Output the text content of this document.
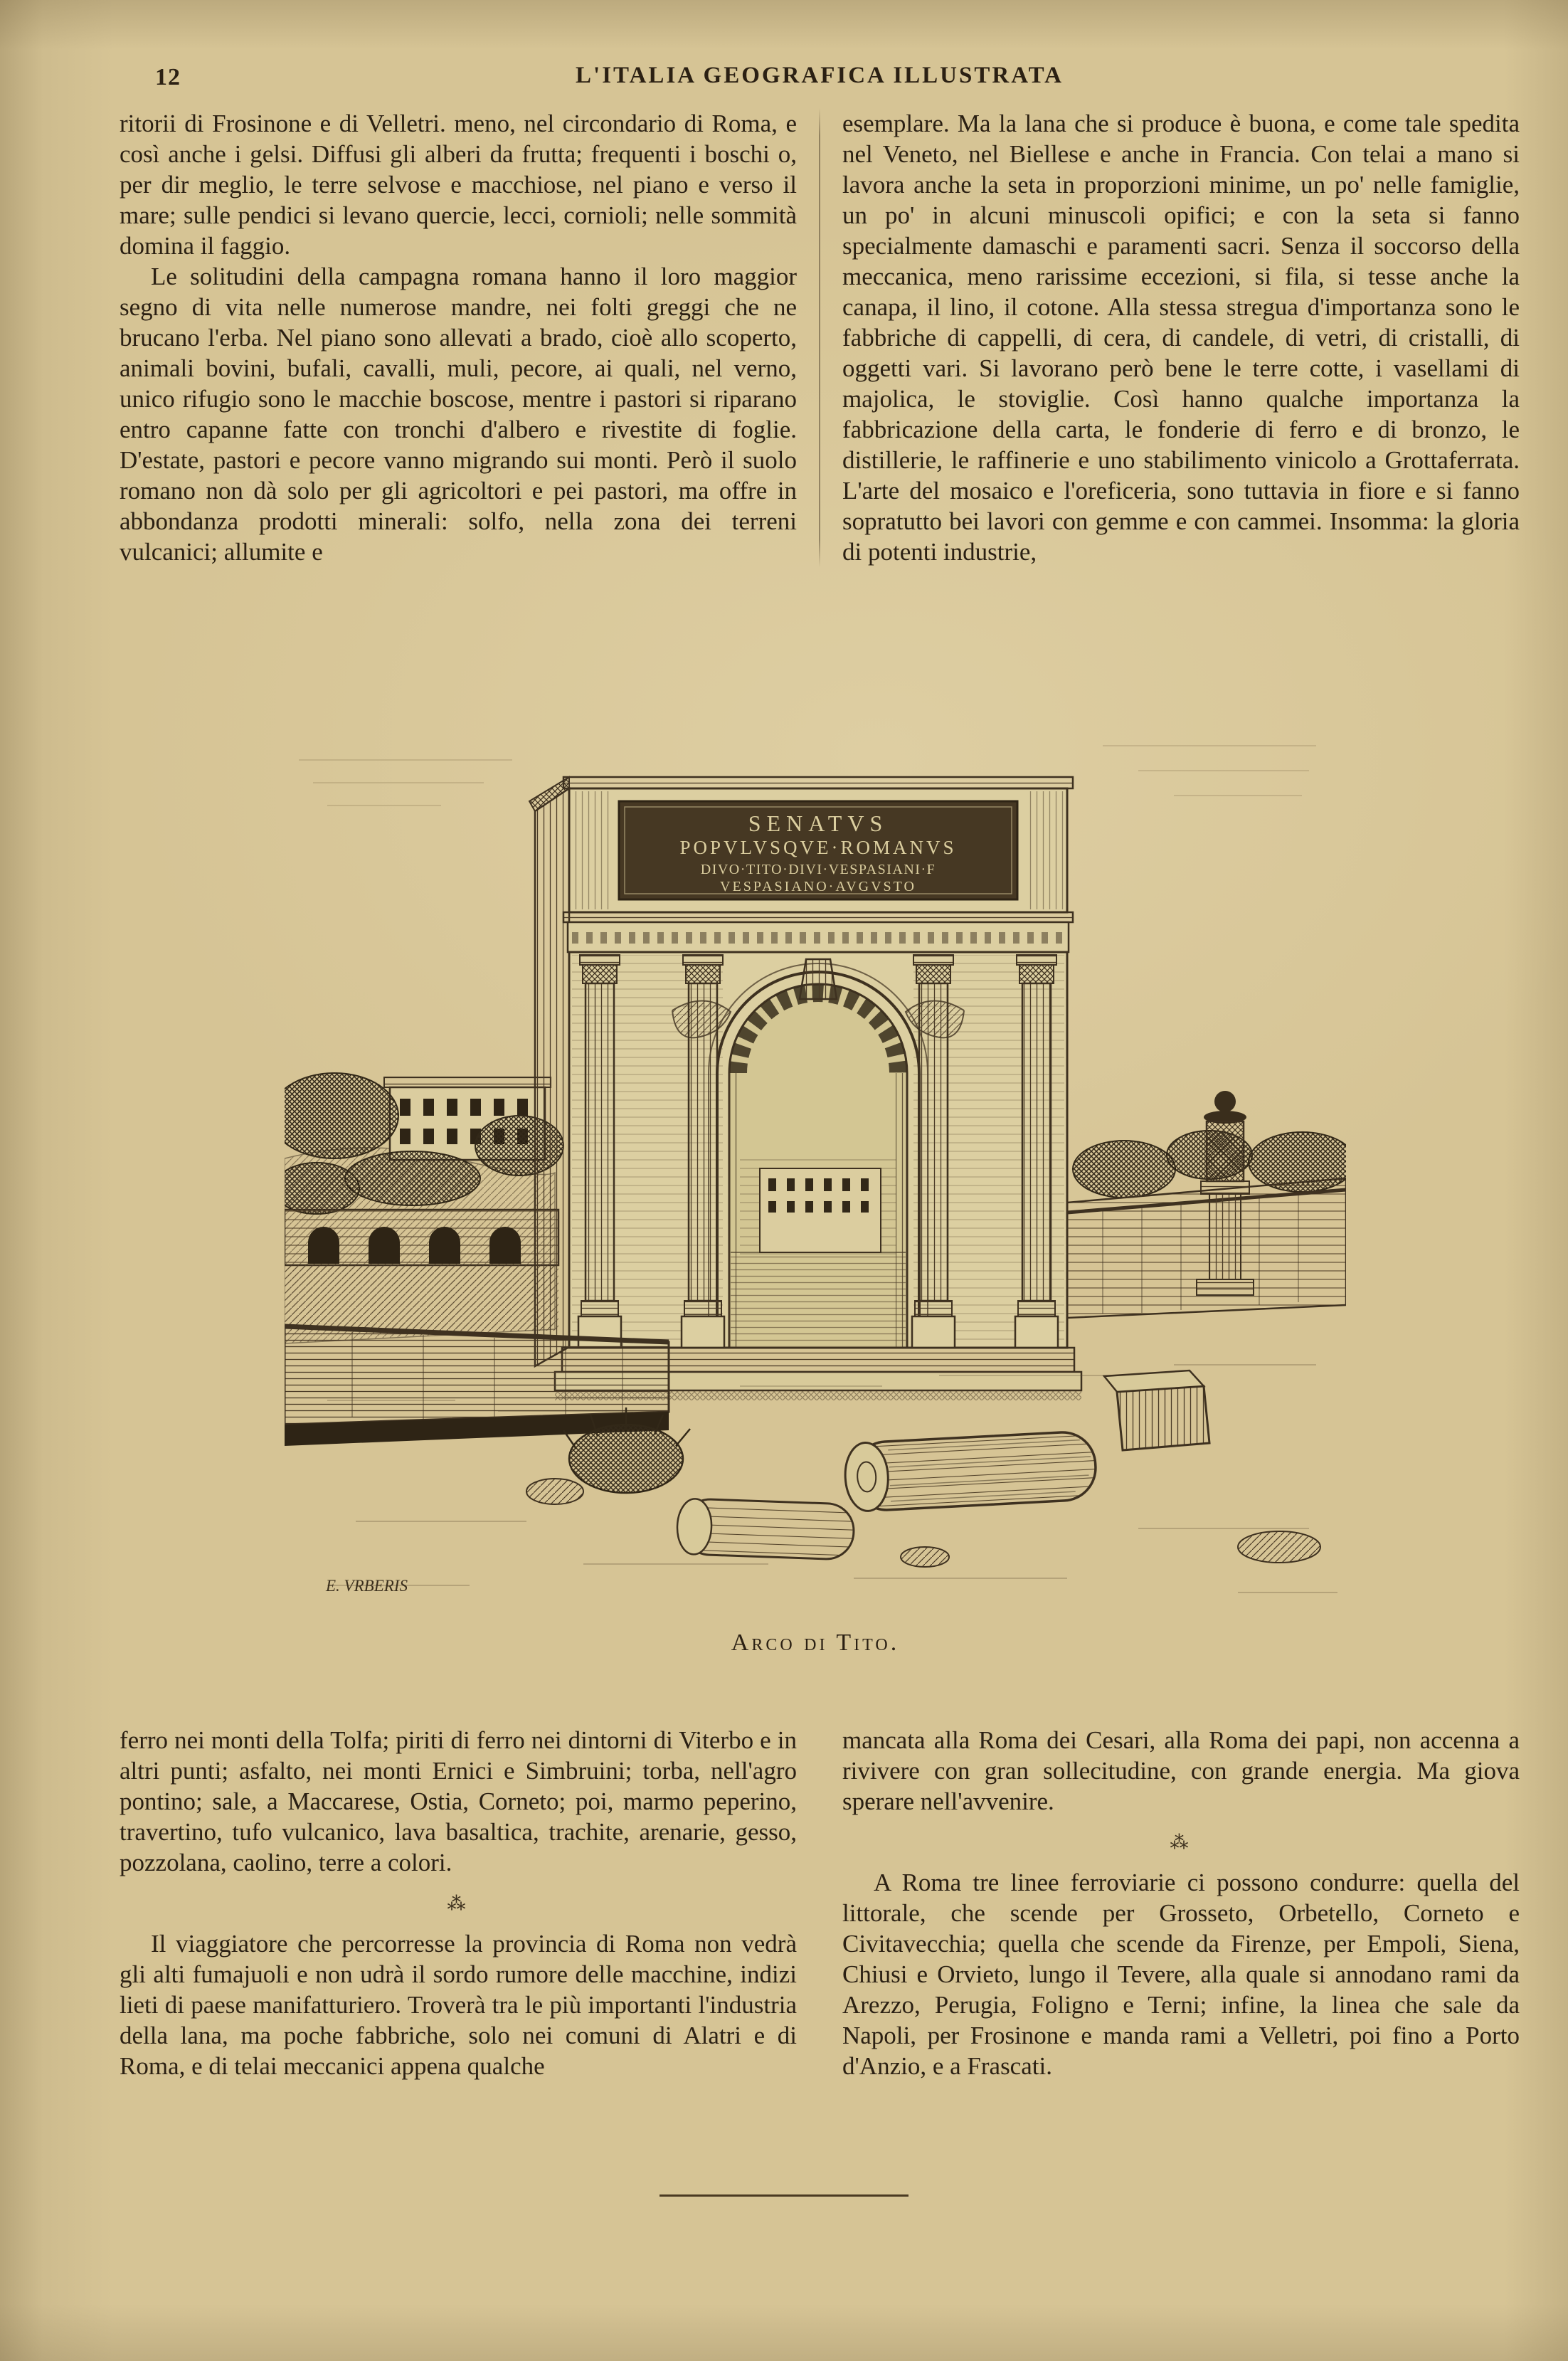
12	L'ITALIA GEOGRAFICA ILLUSTRATA

ritorii di Frosinone e di Velletri. meno, nel circondario di Roma, e così anche i gelsi. Diffusi gli alberi da frutta; frequenti i boschi o, per dir meglio, le terre selvose e macchiose, nel piano e verso il mare; sulle pendici si levano quercie, lecci, cornioli; nelle sommità domina il faggio.

Le solitudini della campagna romana hanno il loro maggior segno di vita nelle numerose mandre, nei folti greggi che ne brucano l'erba. Nel piano sono allevati a brado, cioè allo scoperto, animali bovini, bufali, cavalli, muli, pecore, ai quali, nel verno, unico rifugio sono le macchie boscose, mentre i pastori si riparano entro capanne fatte con tronchi d'albero e rivestite di foglie. D'estate, pastori e pecore vanno migrando sui monti. Però il suolo romano non dà solo per gli agricoltori e pei pastori, ma offre in abbondanza prodotti minerali: solfo, nella zona dei terreni vulcanici; allumite e

esemplare. Ma la lana che si produce è buona, e come tale spedita nel Veneto, nel Biellese e anche in Francia. Con telai a mano si lavora anche la seta in proporzioni minime, un po' nelle famiglie, un po' in alcuni minuscoli opifici; e con la seta si fanno specialmente damaschi e paramenti sacri. Senza il soccorso della meccanica, meno rarissime eccezioni, si fila, si tesse anche la canapa, il lino, il cotone. Alla stessa stregua d'importanza sono le fabbriche di cappelli, di cera, di candele, di vetri, di cristalli, di oggetti vari. Si lavorano però bene le terre cotte, i vasellami di majolica, le stoviglie. Così hanno qualche importanza la fabbricazione della carta, le fonderie di ferro e di bronzo, le distillerie, le raffinerie e uno stabilimento vinicolo a Grottaferrata. L'arte del mosaico e l'oreficeria, sono tuttavia in fiore e si fanno sopratutto bei lavori con gemme e con cammei. Insomma: la gloria di potenti industrie,

SENATVS
POPVLVSQVE·ROMANVS
DIVO·TITO·DIVI·VESPASIANI·F
VESPASIANO·AVGVSTO
E. VRBERIS
Arco di Tito.

ferro nei monti della Tolfa; piriti di ferro nei dintorni di Viterbo e in altri punti; asfalto, nei monti Ernici e Simbruini; torba, nell'agro pontino; sale, a Maccarese, Ostia, Corneto; poi, marmo peperino, travertino, tufo vulcanico, lava basaltica, trachite, arenarie, gesso, pozzolana, caolino, terre a colori.

⁂

Il viaggiatore che percorresse la provincia di Roma non vedrà gli alti fumajuoli e non udrà il sordo rumore delle macchine, indizi lieti di paese manifatturiero. Troverà tra le più importanti l'industria della lana, ma poche fabbriche, solo nei comuni di Alatri e di Roma, e di telai meccanici appena qualche

mancata alla Roma dei Cesari, alla Roma dei papi, non accenna a rivivere con gran sollecitudine, con grande energia. Ma giova sperare nell'avvenire.

⁂

A Roma tre linee ferroviarie ci possono condurre: quella del littorale, che scende per Grosseto, Orbetello, Corneto e Civitavecchia; quella che scende da Firenze, per Empoli, Siena, Chiusi e Orvieto, lungo il Tevere, alla quale si annodano rami da Arezzo, Perugia, Foligno e Terni; infine, la linea che sale da Napoli, per Frosinone e manda rami a Velletri, poi fino a Porto d'Anzio, e a Frascati.
